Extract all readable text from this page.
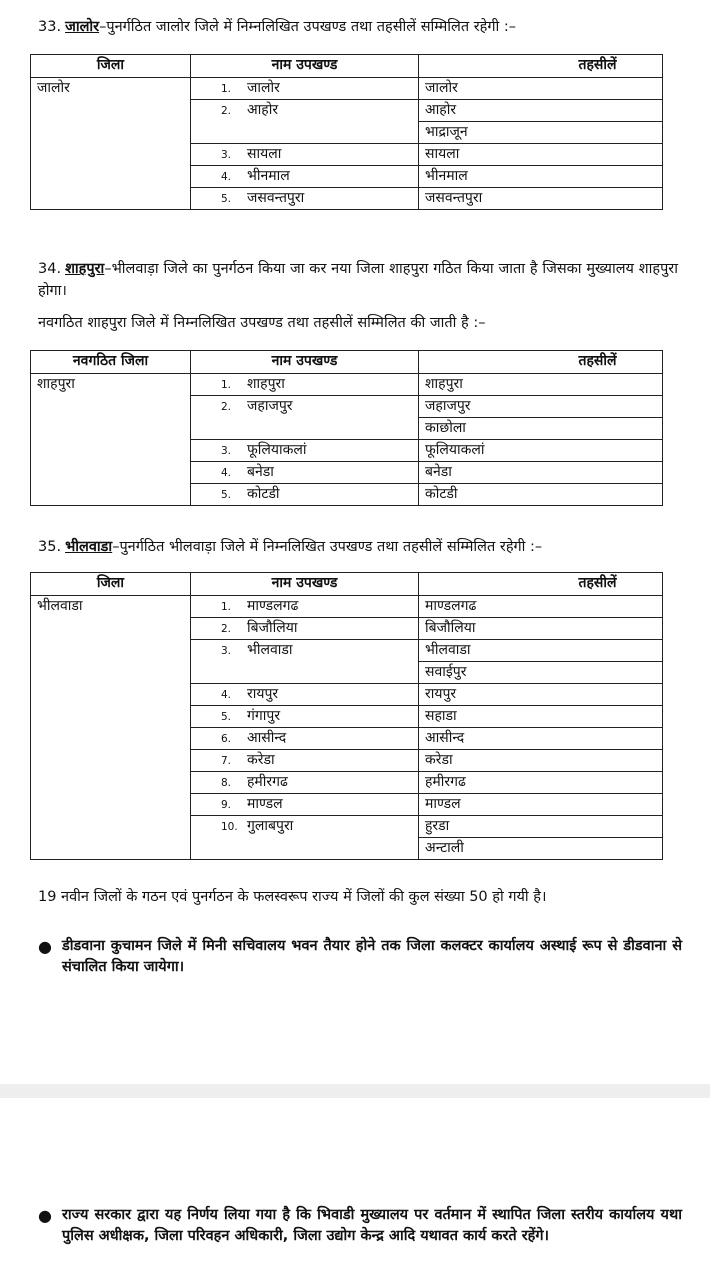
33. जालोर–पुनर्गठित जालोर जिले में निम्नलिखित उपखण्ड तथा तहसीलें सम्मिलित रहेगी :–
जिला	नाम उपखण्ड	तहसीलें
जालोर	1. जालोर	जालोर
	2. आहोर	आहोर
		भाद्राजून
	3. सायला	सायला
	4. भीनमाल	भीनमाल
	5. जसवन्तपुरा	जसवन्तपुरा
34. शाहपुरा–भीलवाड़ा जिले का पुनर्गठन किया जा कर नया जिला शाहपुरा गठित किया जाता है जिसका मुख्यालय शाहपुरा होगा।
नवगठित शाहपुरा जिले में निम्नलिखित उपखण्ड तथा तहसीलें सम्मिलित की जाती है :–
नवगठित जिला	नाम उपखण्ड	तहसीलें
शाहपुरा	1. शाहपुरा	शाहपुरा
	2. जहाजपुर	जहाजपुर
		काछोला
	3. फूलियाकलां	फूलियाकलां
	4. बनेडा	बनेडा
	5. कोटडी	कोटडी
35. भीलवाडा–पुनर्गठित भीलवाड़ा जिले में निम्नलिखित उपखण्ड तथा तहसीलें सम्मिलित रहेगी :–
जिला	नाम उपखण्ड	तहसीलें
भीलवाडा	1. माण्डलगढ	माण्डलगढ
	2. बिजौलिया	बिजौलिया
	3. भीलवाडा	भीलवाडा
		सवाईपुर
	4. रायपुर	रायपुर
	5. गंगापुर	सहाडा
	6. आसीन्द	आसीन्द
	7. करेडा	करेडा
	8. हमीरगढ	हमीरगढ
	9. माण्डल	माण्डल
	10. गुलाबपुरा	हुरडा
		अन्टाली
19 नवीन जिलों के गठन एवं पुनर्गठन के फलस्वरूप राज्य में जिलों की कुल संख्या 50 हो गयी है।
● डीडवाना कुचामन जिले में मिनी सचिवालय भवन तैयार होने तक जिला कलक्टर कार्यालय अस्थाई रूप से डीडवाना से संचालित किया जायेगा।
● राज्य सरकार द्वारा यह निर्णय लिया गया है कि भिवाडी मुख्यालय पर वर्तमान में स्थापित जिला स्तरीय कार्यालय यथा पुलिस अधीक्षक, जिला परिवहन अधिकारी, जिला उद्योग केन्द्र आदि यथावत कार्य करते रहेंगे।
